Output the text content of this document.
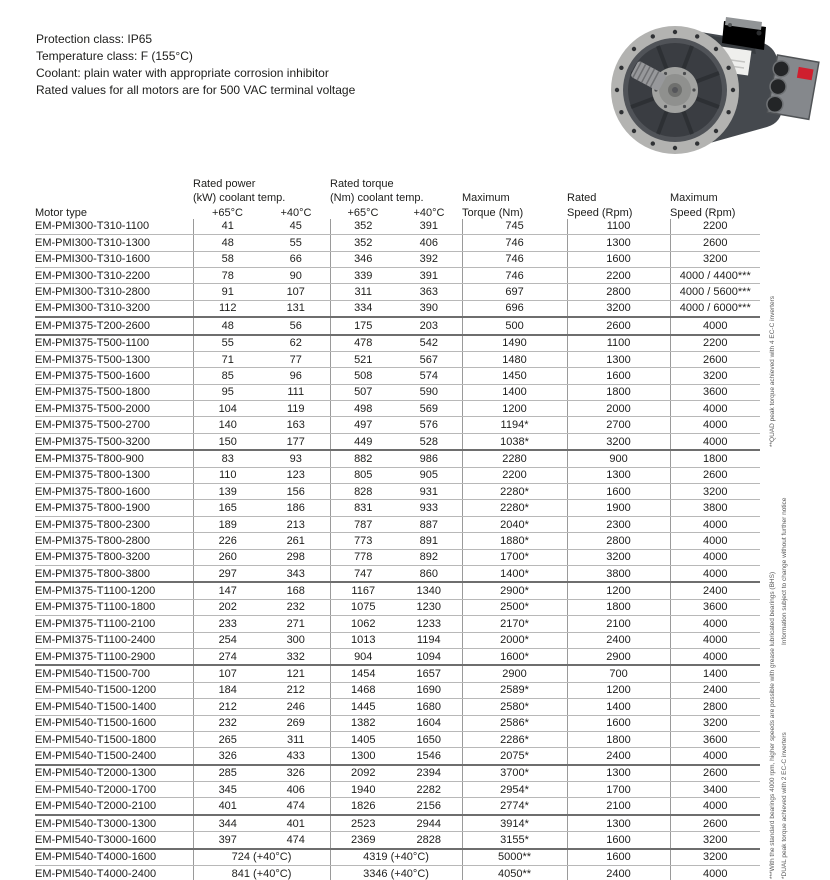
Protection class: IP65
Temperature class: F (155°C)
Coolant: plain water with appropriate corrosion inhibitor
Rated values for all motors are for 500 VAC terminal voltage
Motor type	Rated power		Rated torque				
	(kW) coolant temp.		(Nm) coolant temp.		Maximum	Rated	Maximum
	+65°C	+40°C	+65°C	+40°C	Torque (Nm)	Speed (Rpm)	Speed (Rpm)
EM-PMI300-T310-1100	41	45	352	391	745	1100	2200
EM-PMI300-T310-1300	48	55	352	406	746	1300	2600
EM-PMI300-T310-1600	58	66	346	392	746	1600	3200
EM-PMI300-T310-2200	78	90	339	391	746	2200	4000 / 4400***
EM-PMI300-T310-2800	91	107	311	363	697	2800	4000 / 5600***
EM-PMI300-T310-3200	112	131	334	390	696	3200	4000 / 6000***
EM-PMI375-T200-2600	48	56	175	203	500	2600	4000
EM-PMI375-T500-1100	55	62	478	542	1490	1100	2200
EM-PMI375-T500-1300	71	77	521	567	1480	1300	2600
EM-PMI375-T500-1600	85	96	508	574	1450	1600	3200
EM-PMI375-T500-1800	95	111	507	590	1400	1800	3600
EM-PMI375-T500-2000	104	119	498	569	1200	2000	4000
EM-PMI375-T500-2700	140	163	497	576	1194*	2700	4000
EM-PMI375-T500-3200	150	177	449	528	1038*	3200	4000
EM-PMI375-T800-900	83	93	882	986	2280	900	1800
EM-PMI375-T800-1300	110	123	805	905	2200	1300	2600
EM-PMI375-T800-1600	139	156	828	931	2280*	1600	3200
EM-PMI375-T800-1900	165	186	831	933	2280*	1900	3800
EM-PMI375-T800-2300	189	213	787	887	2040*	2300	4000
EM-PMI375-T800-2800	226	261	773	891	1880*	2800	4000
EM-PMI375-T800-3200	260	298	778	892	1700*	3200	4000
EM-PMI375-T800-3800	297	343	747	860	1400*	3800	4000
EM-PMI375-T1100-1200	147	168	1167	1340	2900*	1200	2400
EM-PMI375-T1100-1800	202	232	1075	1230	2500*	1800	3600
EM-PMI375-T1100-2100	233	271	1062	1233	2170*	2100	4000
EM-PMI375-T1100-2400	254	300	1013	1194	2000*	2400	4000
EM-PMI375-T1100-2900	274	332	904	1094	1600*	2900	4000
EM-PMI540-T1500-700	107	121	1454	1657	2900	700	1400
EM-PMI540-T1500-1200	184	212	1468	1690	2589*	1200	2400
EM-PMI540-T1500-1400	212	246	1445	1680	2580*	1400	2800
EM-PMI540-T1500-1600	232	269	1382	1604	2586*	1600	3200
EM-PMI540-T1500-1800	265	311	1405	1650	2286*	1800	3600
EM-PMI540-T1500-2400	326	433	1300	1546	2075*	2400	4000
EM-PMI540-T2000-1300	285	326	2092	2394	3700*	1300	2600
EM-PMI540-T2000-1700	345	406	1940	2282	2954*	1700	3400
EM-PMI540-T2000-2100	401	474	1826	2156	2774*	2100	4000
EM-PMI540-T3000-1300	344	401	2523	2944	3914*	1300	2600
EM-PMI540-T3000-1600	397	474	2369	2828	3155*	1600	3200
EM-PMI540-T4000-1600	724 (+40°C)		4319 (+40°C)		5000**	1600	3200
EM-PMI540-T4000-2400	841 (+40°C)		3346 (+40°C)		4050**	2400	4000
**QUAD peak torque achieved with 4 EC-C inverters
Information subject to change without further notice
***With the standard bearings 4000 rpm, higher speeds are possible with grease lubricated bearings (BHS) *DUAL peak torque achieved with 2 EC-C inverters
